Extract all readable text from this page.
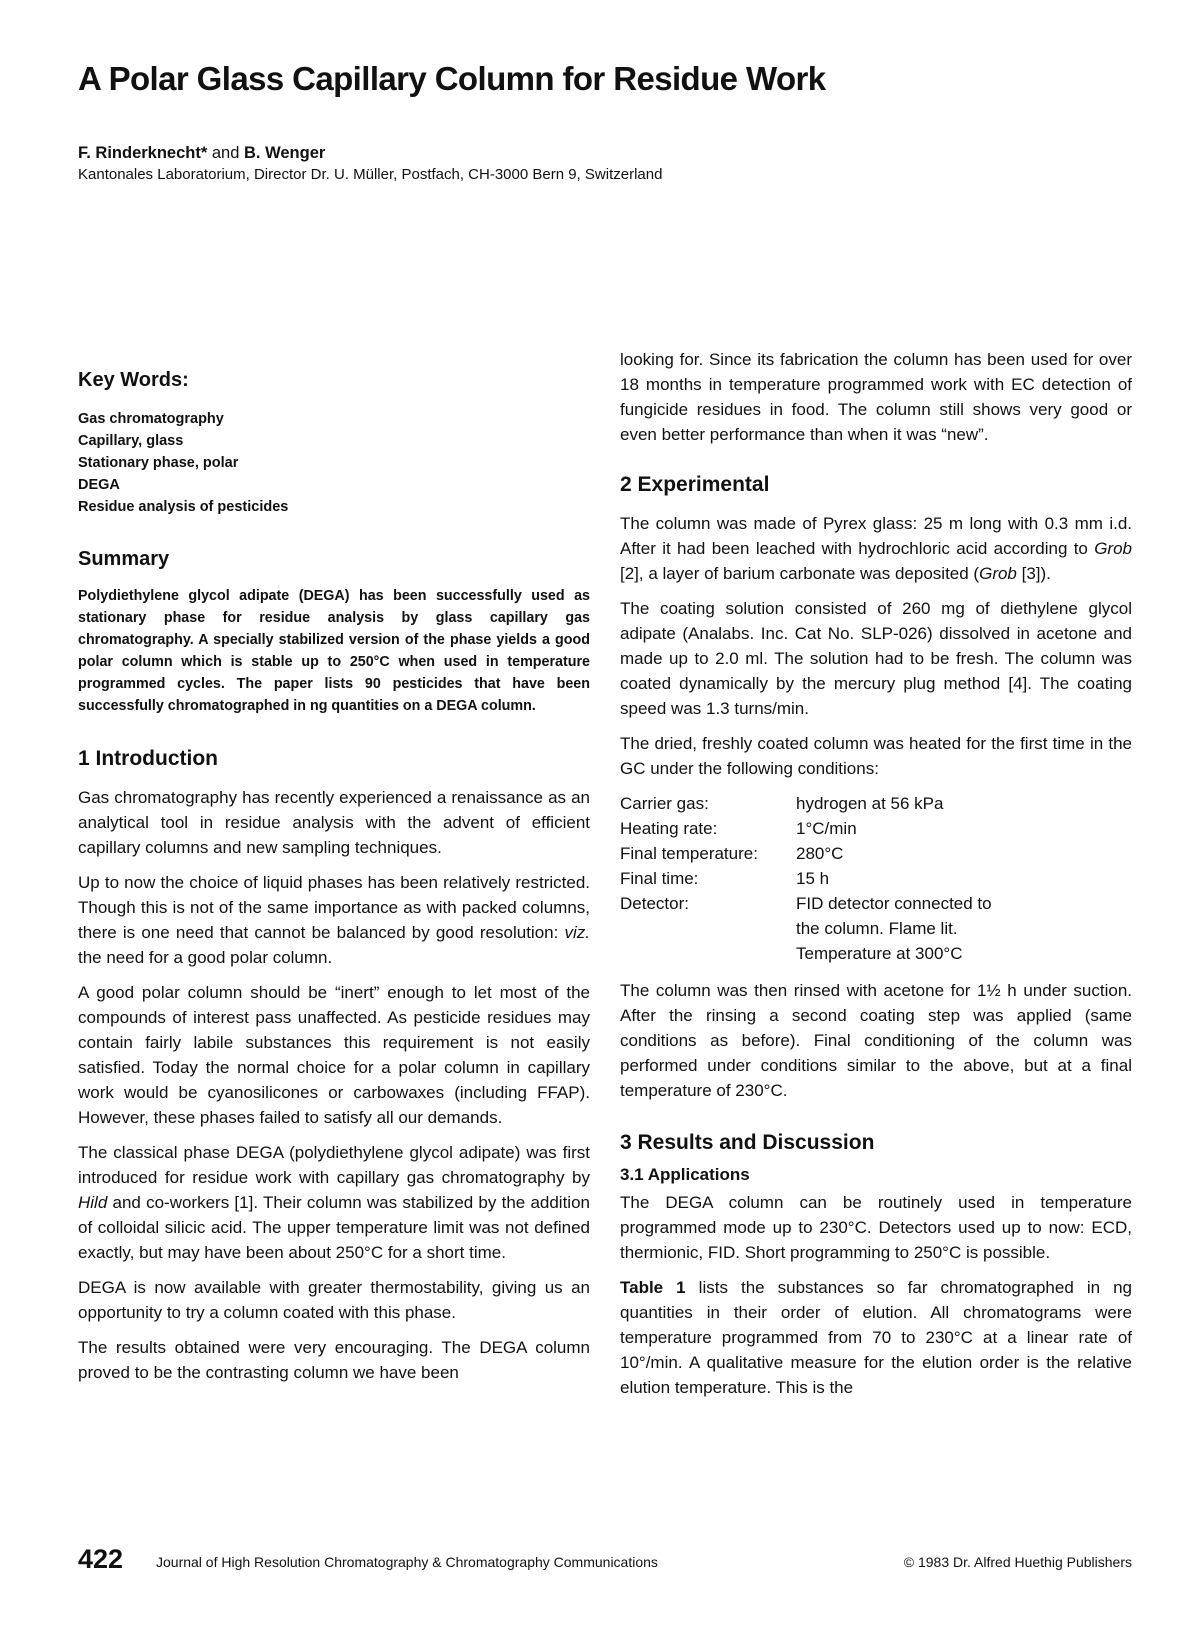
A Polar Glass Capillary Column for Residue Work
F. Rinderknecht* and B. Wenger
Kantonales Laboratorium, Director Dr. U. Müller, Postfach, CH-3000 Bern 9, Switzerland
Key Words:
Gas chromatography
Capillary, glass
Stationary phase, polar
DEGA
Residue analysis of pesticides
Summary

Polydiethylene glycol adipate (DEGA) has been successfully used as stationary phase for residue analysis by glass capillary gas chromatography. A specially stabilized version of the phase yields a good polar column which is stable up to 250°C when used in temperature programmed cycles. The paper lists 90 pesticides that have been successfully chromatographed in ng quantities on a DEGA column.

1 Introduction

Gas chromatography has recently experienced a renaissance as an analytical tool in residue analysis with the advent of efficient capillary columns and new sampling techniques.

Up to now the choice of liquid phases has been relatively restricted. Though this is not of the same importance as with packed columns, there is one need that cannot be balanced by good resolution: viz. the need for a good polar column.

A good polar column should be “inert” enough to let most of the compounds of interest pass unaffected. As pesticide residues may contain fairly labile substances this requirement is not easily satisfied. Today the normal choice for a polar column in capillary work would be cyanosilicones or carbowaxes (including FFAP). However, these phases failed to satisfy all our demands.

The classical phase DEGA (polydiethylene glycol adipate) was first introduced for residue work with capillary gas chromatography by Hild and co-workers [1]. Their column was stabilized by the addition of colloidal silicic acid. The upper temperature limit was not defined exactly, but may have been about 250°C for a short time.

DEGA is now available with greater thermostability, giving us an opportunity to try a column coated with this phase.

The results obtained were very encouraging. The DEGA column proved to be the contrasting column we have been

looking for. Since its fabrication the column has been used for over 18 months in temperature programmed work with EC detection of fungicide residues in food. The column still shows very good or even better performance than when it was “new”.

2 Experimental

The column was made of Pyrex glass: 25 m long with 0.3 mm i.d. After it had been leached with hydrochloric acid according to Grob [2], a layer of barium carbonate was deposited (Grob [3]).

The coating solution consisted of 260 mg of diethylene glycol adipate (Analabs. Inc. Cat No. SLP-026) dissolved in acetone and made up to 2.0 ml. The solution had to be fresh. The column was coated dynamically by the mercury plug method [4]. The coating speed was 1.3 turns/min.

The dried, freshly coated column was heated for the first time in the GC under the following conditions:

Carrier gas:	hydrogen at 56 kPa
Heating rate:	1°C/min
Final temperature:	280°C
Final time:	15 h
Detector:	FID detector connected to the column. Flame lit. Temperature at 300°C

The column was then rinsed with acetone for 1½ h under suction. After the rinsing a second coating step was applied (same conditions as before). Final conditioning of the column was performed under conditions similar to the above, but at a final temperature of 230°C.

3 Results and Discussion
3.1 Applications

The DEGA column can be routinely used in temperature programmed mode up to 230°C. Detectors used up to now: ECD, thermionic, FID. Short programming to 250°C is possible.

Table 1 lists the substances so far chromatographed in ng quantities in their order of elution. All chromatograms were temperature programmed from 70 to 230°C at a linear rate of 10°/min. A qualitative measure for the elution order is the relative elution temperature. This is the

422 Journal of High Resolution Chromatography & Chromatography Communications	© 1983 Dr. Alfred Huethig Publishers
